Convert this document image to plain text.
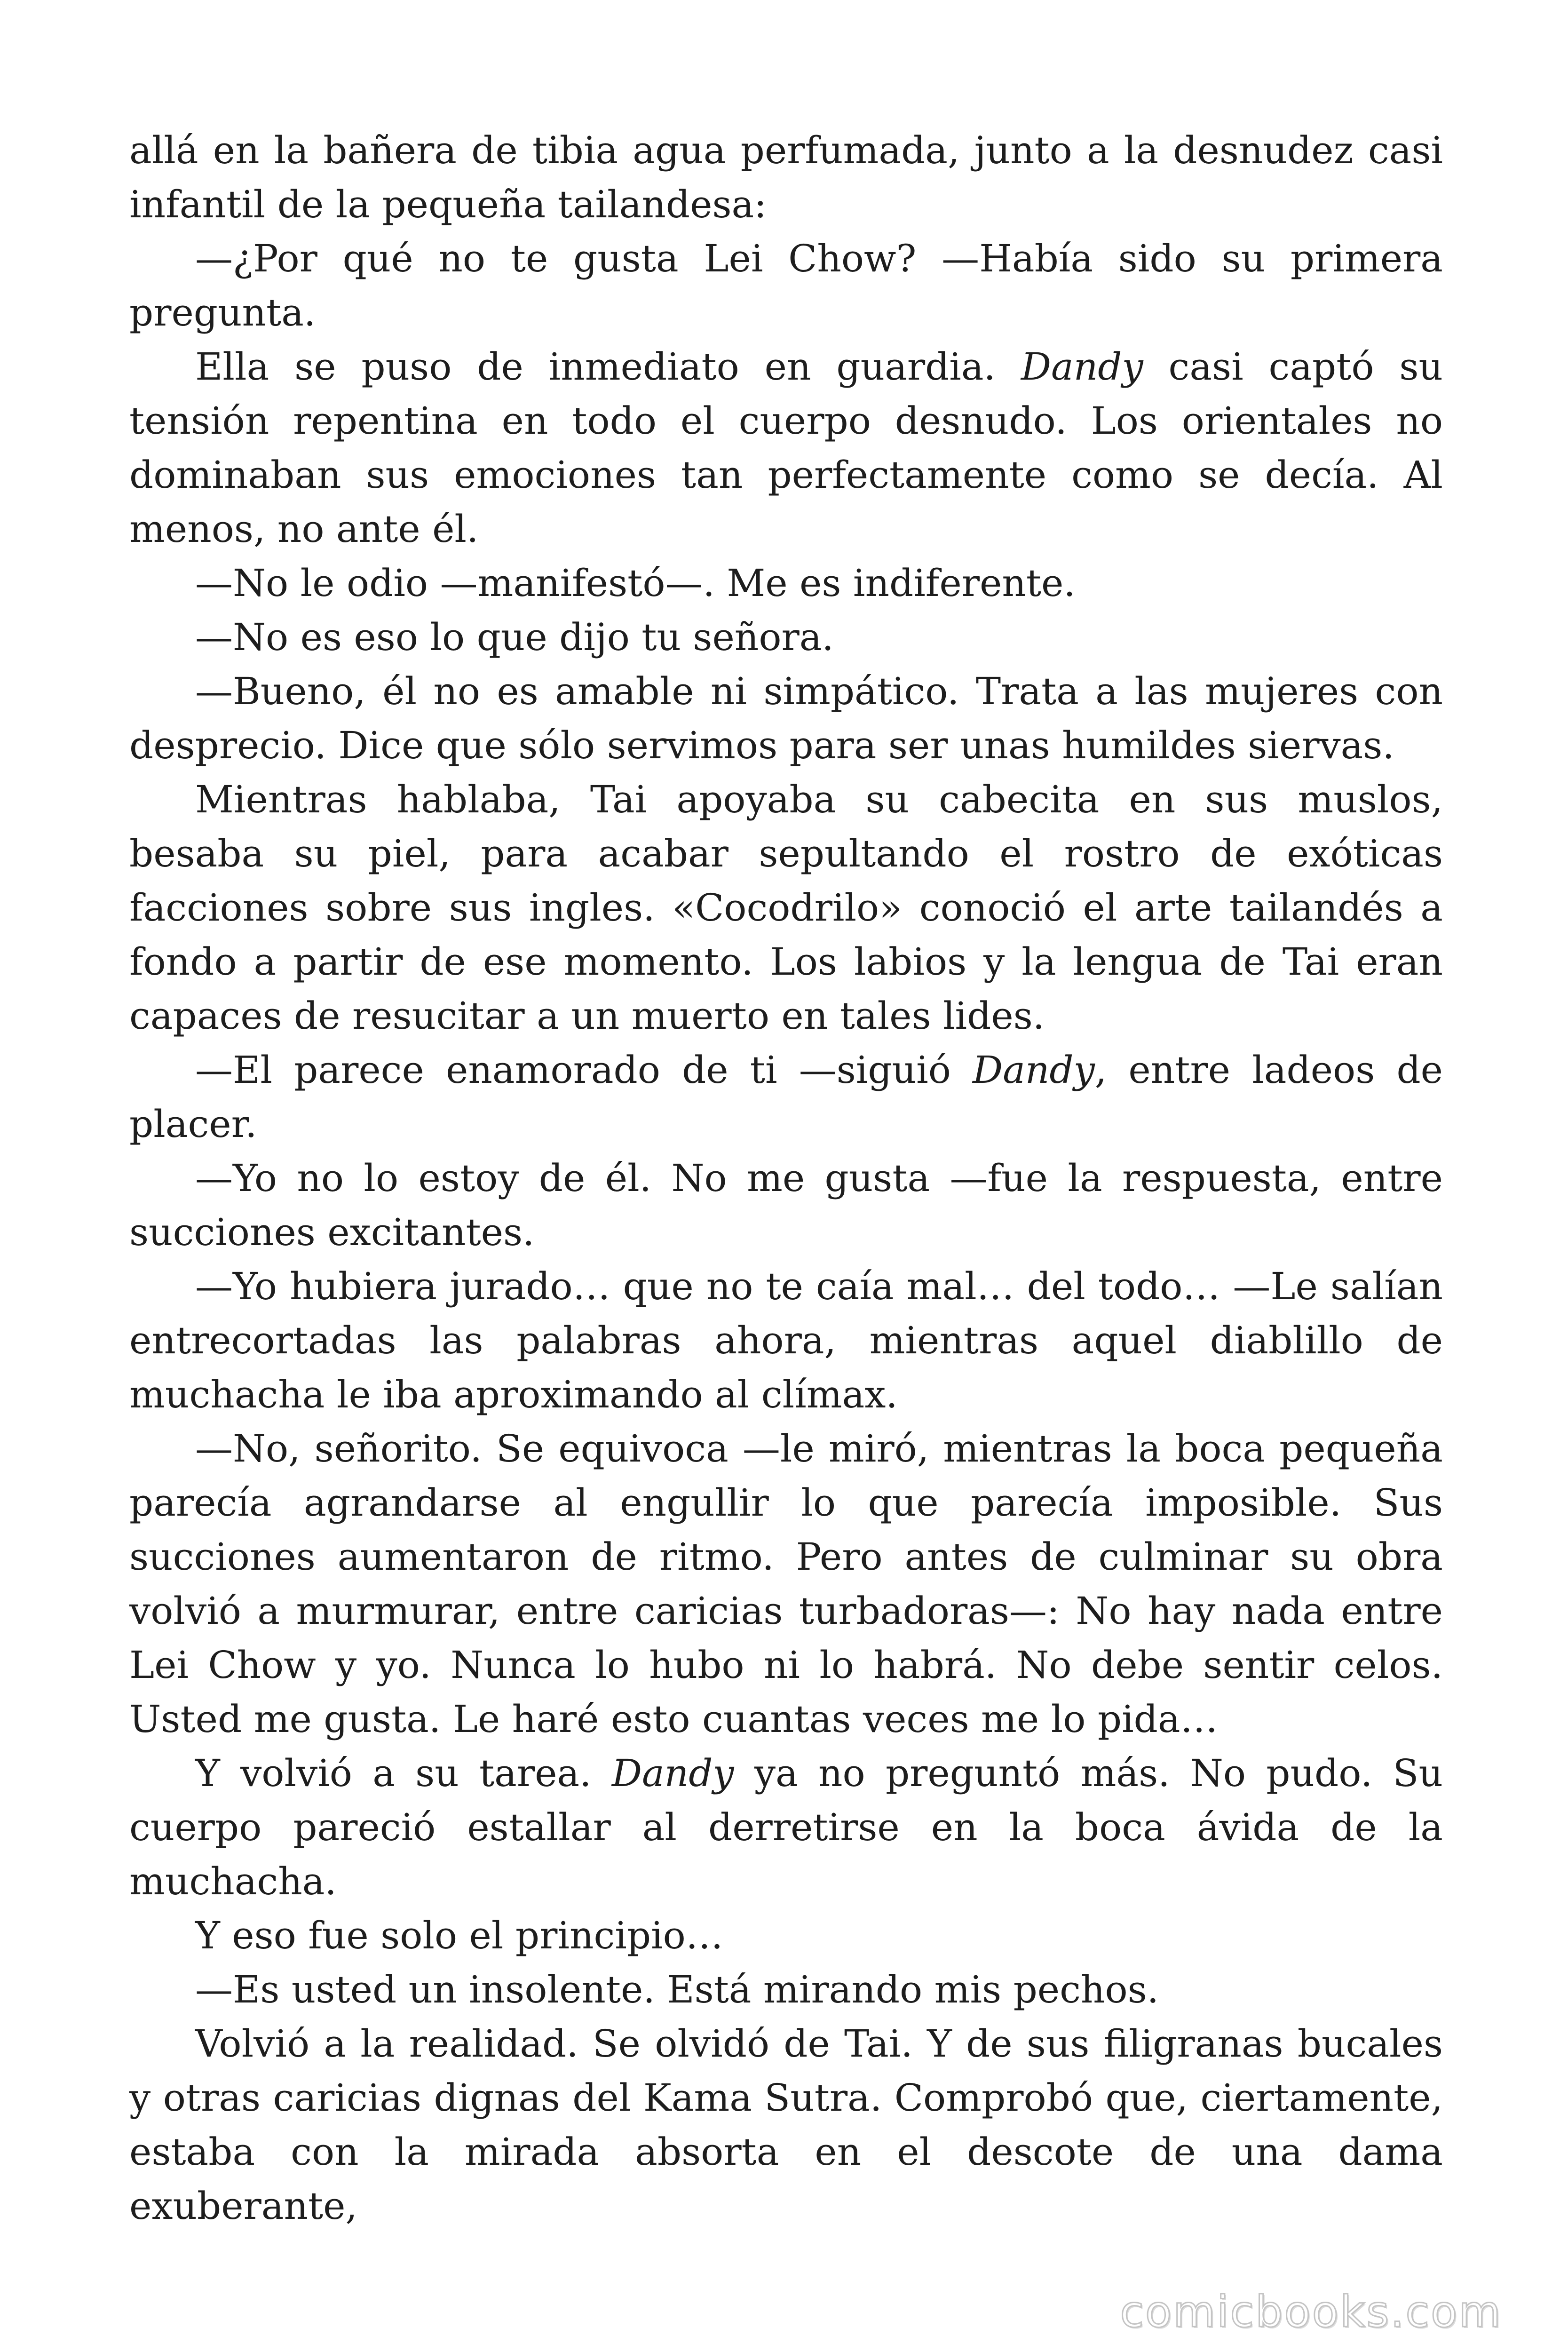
allá en la bañera de tibia agua perfumada, junto a la desnudez casi infantil de la pequeña tailandesa:

—¿Por qué no te gusta Lei Chow? —Había sido su primera pregunta.

Ella se puso de inmediato en guardia. Dandy casi captó su tensión repentina en todo el cuerpo desnudo. Los orientales no dominaban sus emociones tan perfectamente como se decía. Al menos, no ante él.

—No le odio —manifestó—. Me es indiferente.

—No es eso lo que dijo tu señora.

—Bueno, él no es amable ni simpático. Trata a las mujeres con desprecio. Dice que sólo servimos para ser unas humildes siervas.

Mientras hablaba, Tai apoyaba su cabecita en sus muslos, besaba su piel, para acabar sepultando el rostro de exóticas facciones sobre sus ingles. «Cocodrilo» conoció el arte tailandés a fondo a partir de ese momento. Los labios y la lengua de Tai eran capaces de resucitar a un muerto en tales lides.

—El parece enamorado de ti —siguió Dandy, entre ladeos de placer.

—Yo no lo estoy de él. No me gusta —fue la respuesta, entre succiones excitantes.

—Yo hubiera jurado… que no te caía mal… del todo… —Le salían entrecortadas las palabras ahora, mientras aquel diablillo de muchacha le iba aproximando al clímax.

—No, señorito. Se equivoca —le miró, mientras la boca pequeña parecía agrandarse al engullir lo que parecía imposible. Sus succiones aumentaron de ritmo. Pero antes de culminar su obra volvió a murmurar, entre caricias turbadoras—: No hay nada entre Lei Chow y yo. Nunca lo hubo ni lo habrá. No debe sentir celos. Usted me gusta. Le haré esto cuantas veces me lo pida…

Y volvió a su tarea. Dandy ya no preguntó más. No pudo. Su cuerpo pareció estallar al derretirse en la boca ávida de la muchacha.

Y eso fue solo el principio…

—Es usted un insolente. Está mirando mis pechos.

Volvió a la realidad. Se olvidó de Tai. Y de sus filigranas bucales y otras caricias dignas del Kama Sutra. Comprobó que, ciertamente, estaba con la mirada absorta en el descote de una dama exuberante,

comicbooks.com
